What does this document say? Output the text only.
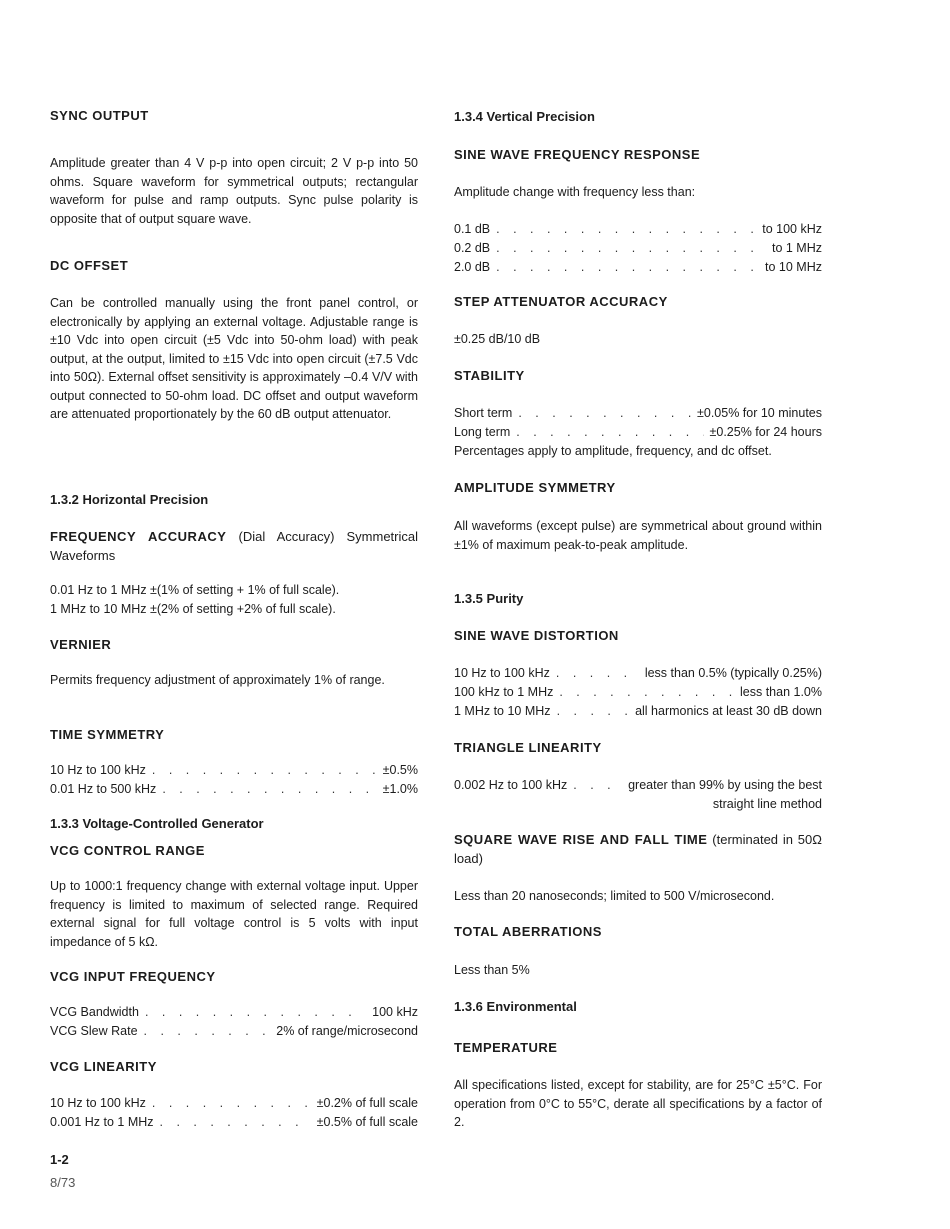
SYNC OUTPUT
Amplitude greater than 4 V p-p into open circuit; 2 V p-p into 50 ohms. Square waveform for symmetrical outputs; rectangular waveform for pulse and ramp outputs. Sync pulse polarity is opposite that of output square wave.
DC OFFSET
Can be controlled manually using the front panel control, or electronically by applying an external voltage. Adjustable range is ±10 Vdc into open circuit (±5 Vdc into 50-ohm load) with peak output, at the output, limited to ±15 Vdc into open circuit (±7.5 Vdc into 50Ω). External offset sensitivity is approximately –0.4 V/V with output connected to 50-ohm load. DC offset and output waveform are attenuated proportionately by the 60 dB output attenuator.
1.3.2 Horizontal Precision
FREQUENCY ACCURACY (Dial Accuracy) Symmetrical Waveforms
0.01 Hz to 1 MHz ±(1% of setting + 1% of full scale).
1 MHz to 10 MHz ±(2% of setting +2% of full scale).
VERNIER
Permits frequency adjustment of approximately 1% of range.
TIME SYMMETRY
10 Hz to 100 kHz . . .	±0.5%
0.01 Hz to 500 kHz . . .	±1.0%
1.3.3 Voltage-Controlled Generator
VCG CONTROL RANGE
Up to 1000:1 frequency change with external voltage input. Upper frequency is limited to maximum of selected range. Required external signal for full voltage control is 5 volts with input impedance of 5 kΩ.
VCG INPUT FREQUENCY
VCG Bandwidth . . .	100 kHz
VCG Slew Rate . . .	2% of range/microsecond
VCG LINEARITY
10 Hz to 100 kHz . . .	±0.2% of full scale
0.001 Hz to 1 MHz . . .	±0.5% of full scale
1.3.4 Vertical Precision
SINE WAVE FREQUENCY RESPONSE
Amplitude change with frequency less than:
0.1 dB . . .	to 100 kHz
0.2 dB . . .	to 1 MHz
2.0 dB . . .	to 10 MHz
STEP ATTENUATOR ACCURACY
±0.25 dB/10 dB
STABILITY
Short term . . .	±0.05% for 10 minutes
Long term . . .	±0.25% for 24 hours
Percentages apply to amplitude, frequency, and dc offset.
AMPLITUDE SYMMETRY
All waveforms (except pulse) are symmetrical about ground within ±1% of maximum peak-to-peak amplitude.
1.3.5 Purity
SINE WAVE DISTORTION
10 Hz to 100 kHz . . .	less than 0.5% (typically 0.25%)
100 kHz to 1 MHz . . .	less than 1.0%
1 MHz to 10 MHz . . .	all harmonics at least 30 dB down
TRIANGLE LINEARITY
0.002 Hz to 100 kHz . . .	greater than 99% by using the best
straight line method
SQUARE WAVE RISE AND FALL TIME (terminated in 50Ω load)
Less than 20 nanoseconds; limited to 500 V/microsecond.
TOTAL ABERRATIONS
Less than 5%
1.3.6 Environmental
TEMPERATURE
All specifications listed, except for stability, are for 25°C ±5°C. For operation from 0°C to 55°C, derate all specifications by a factor of 2.
1-2
8/73
